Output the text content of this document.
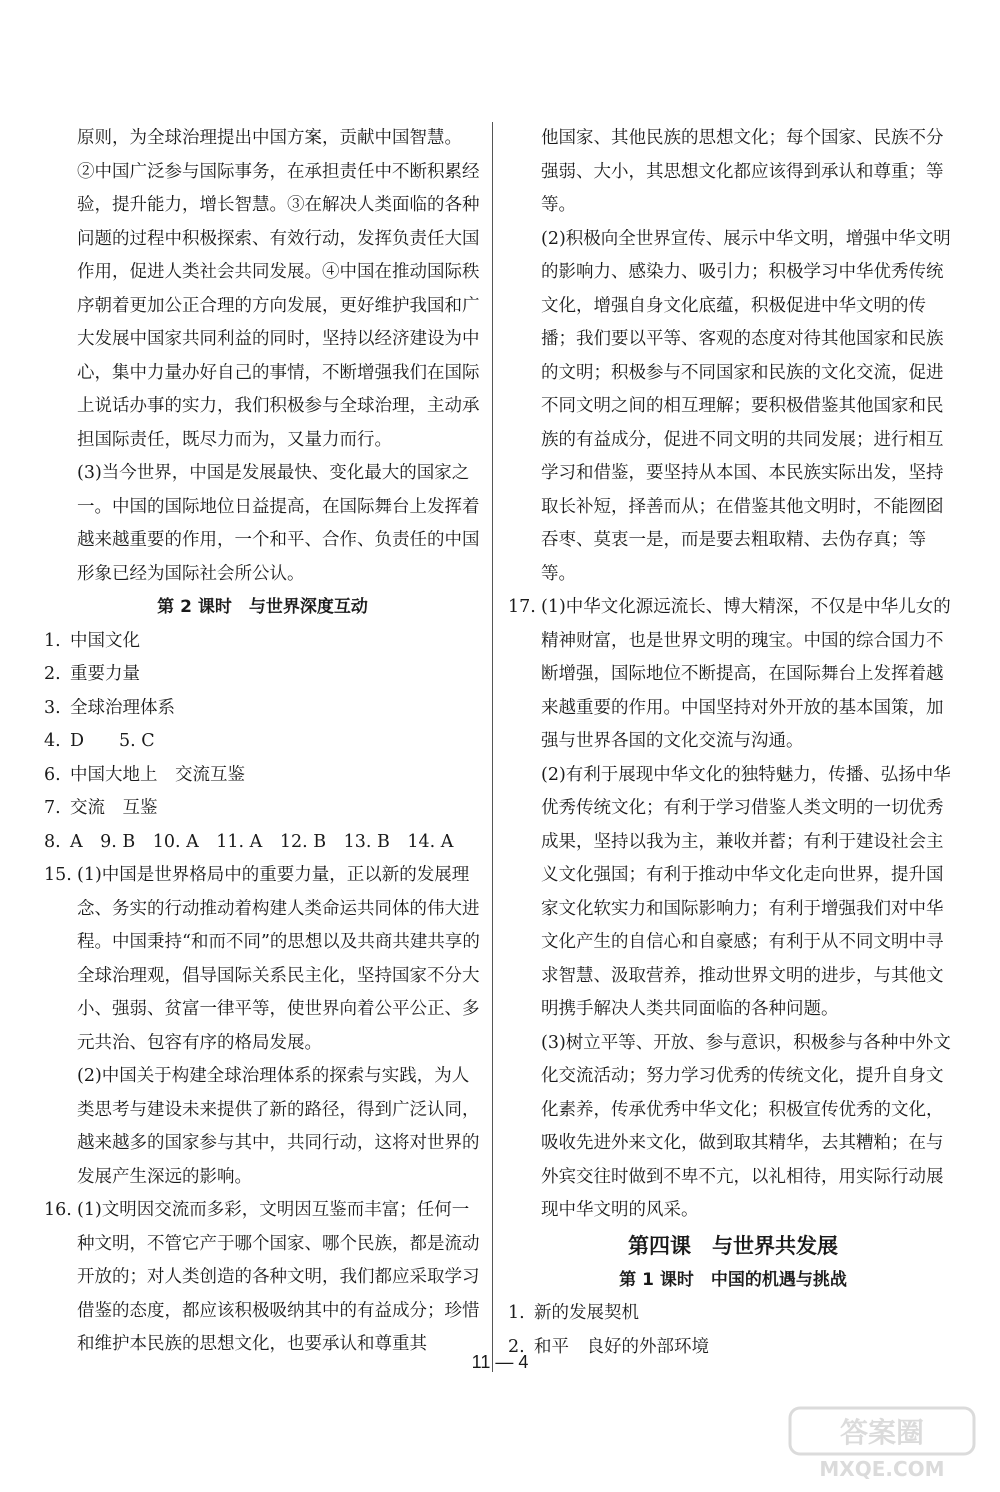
原则，为全球治理提出中国方案，贡献中国智慧。

②中国广泛参与国际事务，在承担责任中不断积累经验，提升能力，增长智慧。③在解决人类面临的各种问题的过程中积极探索、有效行动，发挥负责任大国作用，促进人类社会共同发展。④中国在推动国际秩序朝着更加公正合理的方向发展，更好维护我国和广大发展中国家共同利益的同时，坚持以经济建设为中心，集中力量办好自己的事情，不断增强我们在国际上说话办事的实力，我们积极参与全球治理，主动承担国际责任，既尽力而为，又量力而行。

(3)当今世界，中国是发展最快、变化最大的国家之一。中国的国际地位日益提高，在国际舞台上发挥着越来越重要的作用，一个和平、合作、负责任的中国形象已经为国际社会所公认。

第 2 课时　与世界深度互动

1. 中国文化
2. 重要力量
3. 全球治理体系
4. D　　5. C
6. 中国大地上　交流互鉴
7. 交流　互鉴
8. A　9. B　10. A　11. A　12. B　13. B　14. A
15. (1)中国是世界格局中的重要力量，正以新的发展理念、务实的行动推动着构建人类命运共同体的伟大进程。中国秉持“和而不同”的思想以及共商共建共享的全球治理观，倡导国际关系民主化，坚持国家不分大小、强弱、贫富一律平等，使世界向着公平公正、多元共治、包容有序的格局发展。

(2)中国关于构建全球治理体系的探索与实践，为人类思考与建设未来提供了新的路径，得到广泛认同，越来越多的国家参与其中，共同行动，这将对世界的发展产生深远的影响。

16. (1)文明因交流而多彩，文明因互鉴而丰富；任何一种文明，不管它产于哪个国家、哪个民族，都是流动开放的；对人类创造的各种文明，我们都应采取学习借鉴的态度，都应该积极吸纳其中的有益成分；珍惜和维护本民族的思想文化，也要承认和尊重其

他国家、其他民族的思想文化；每个国家、民族不分强弱、大小，其思想文化都应该得到承认和尊重；等等。

(2)积极向全世界宣传、展示中华文明，增强中华文明的影响力、感染力、吸引力；积极学习中华优秀传统文化，增强自身文化底蕴，积极促进中华文明的传播；我们要以平等、客观的态度对待其他国家和民族的文明；积极参与不同国家和民族的文化交流，促进不同文明之间的相互理解；要积极借鉴其他国家和民族的有益成分，促进不同文明的共同发展；进行相互学习和借鉴，要坚持从本国、本民族实际出发，坚持取长补短，择善而从；在借鉴其他文明时，不能囫囵吞枣、莫衷一是，而是要去粗取精、去伪存真；等等。

17. (1)中华文化源远流长、博大精深，不仅是中华儿女的精神财富，也是世界文明的瑰宝。中国的综合国力不断增强，国际地位不断提高，在国际舞台上发挥着越来越重要的作用。中国坚持对外开放的基本国策，加强与世界各国的文化交流与沟通。

(2)有利于展现中华文化的独特魅力，传播、弘扬中华优秀传统文化；有利于学习借鉴人类文明的一切优秀成果，坚持以我为主，兼收并蓄；有利于建设社会主义文化强国；有利于推动中华文化走向世界，提升国家文化软实力和国际影响力；有利于增强我们对中华文化产生的自信心和自豪感；有利于从不同文明中寻求智慧、汲取营养，推动世界文明的进步，与其他文明携手解决人类共同面临的各种问题。

(3)树立平等、开放、参与意识，积极参与各种中外文化交流活动；努力学习优秀的传统文化，提升自身文化素养，传承优秀中华文化；积极宣传优秀的文化，吸收先进外来文化，做到取其精华，去其糟粕；在与外宾交往时做到不卑不亢，以礼相待，用实际行动展现中华文明的风采。

第四课　与世界共发展

第 1 课时　中国的机遇与挑战

1. 新的发展契机
2. 和平　良好的外部环境
11 — 4
答案圈
MXQE.COM
